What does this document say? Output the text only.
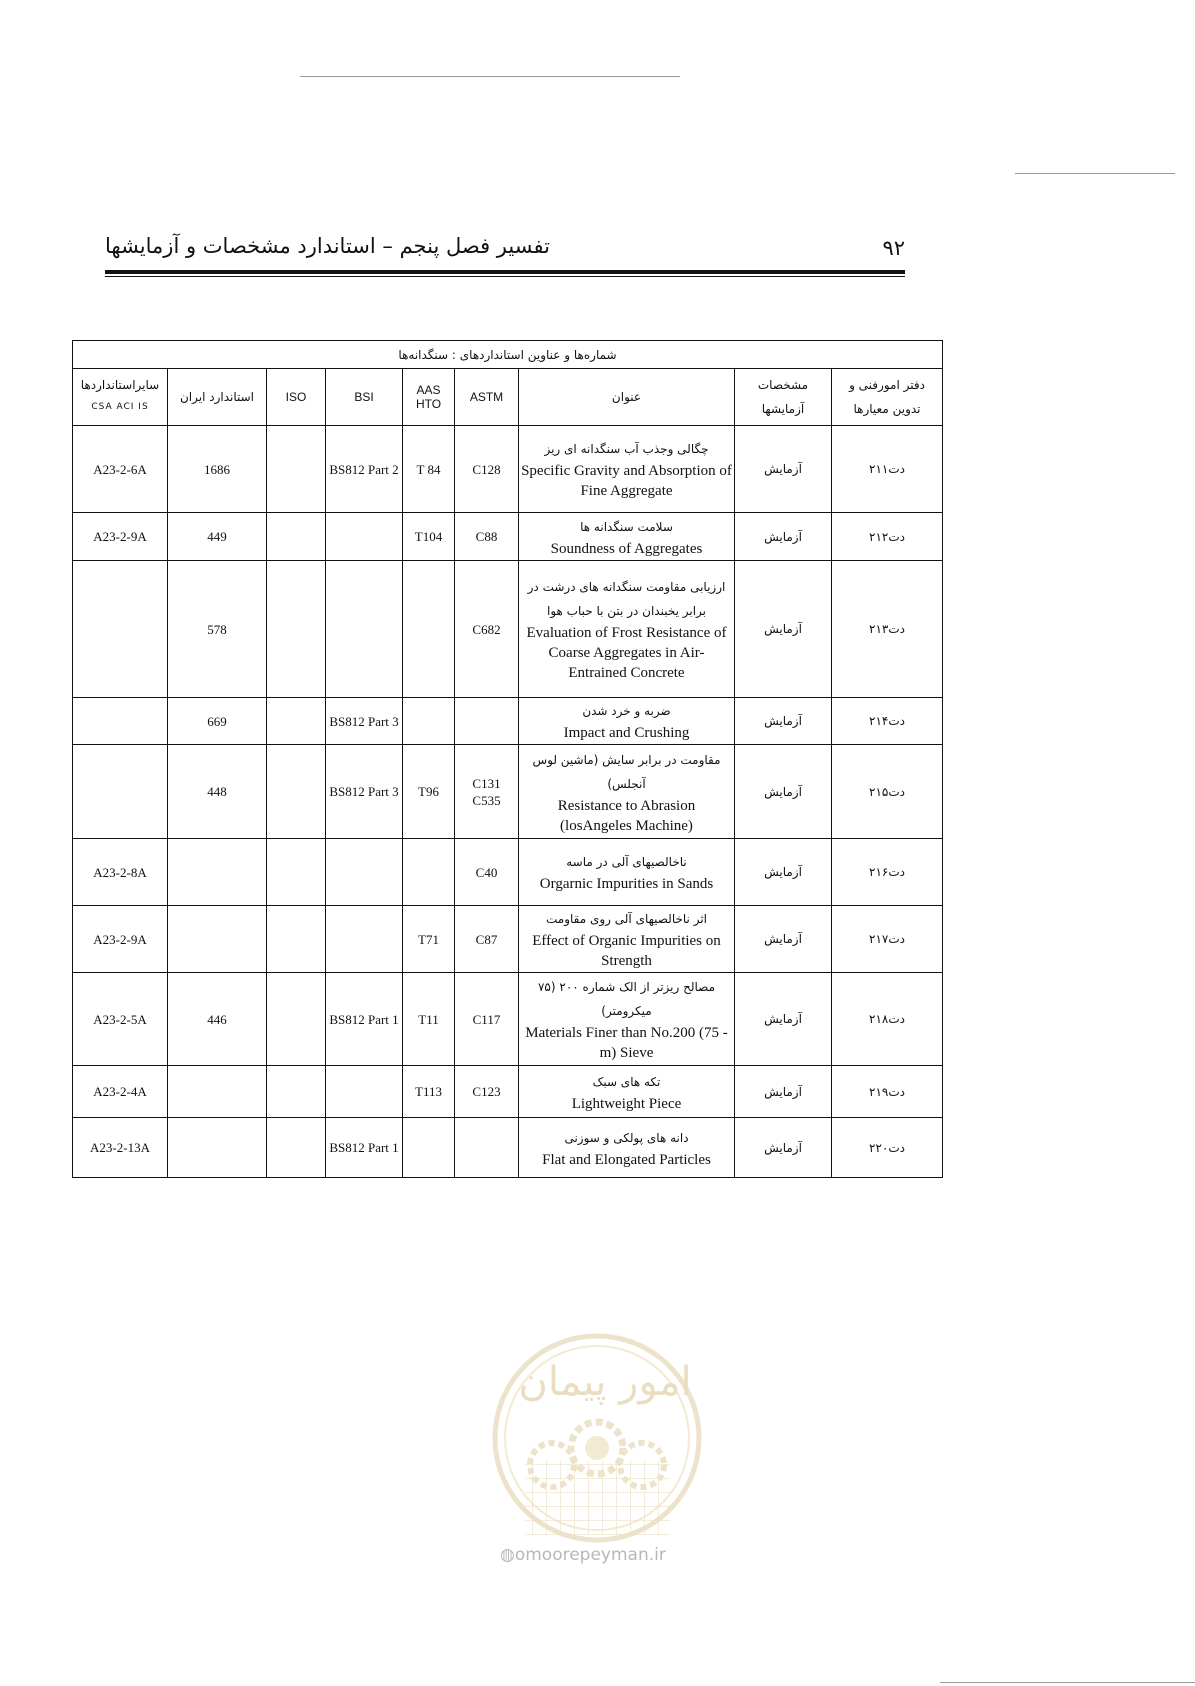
۹۲
تفسیر فصل پنجم – استاندارد مشخصات و آزمایشها
شماره‌ها و عناوین استانداردهای : سنگدانه‌ها								

سایراستانداردها
CSA ACI IS	استاندارد ایران	ISO	BSI	AAS HTO	ASTM	عنوان	مشخصات آزمایشها	دفتر امورفنی و تدوین معیارها
A23-2-6A	1686		BS812 Part 2	T 84	C128	چگالی وجذب آب سنگدانه ای ریز
Specific Gravity and Absorption of Fine Aggregate	آزمایش	دت۲۱۱
A23-2-9A	449			T104	C88	سلامت سنگدانه ها
Soundness of Aggregates	آزمایش	دت۲۱۲
	578				C682	ارزیابی مقاومت سنگدانه های درشت در برابر یخبندان در بتن با حباب هوا
Evaluation of Frost Resistance of Coarse Aggregates in Air-Entrained Concrete	آزمایش	دت۲۱۳
	669		BS812 Part 3			ضربه و خرد شدن
Impact and Crushing	آزمایش	دت۲۱۴
	448		BS812 Part 3	T96	C131 C535	مقاومت در برابر سایش (ماشین لوس آنجلس)
Resistance to Abrasion (losAngeles Machine)	آزمایش	دت۲۱۵
A23-2-8A					C40	ناخالصیهای آلی در ماسه
Orgarnic Impurities in Sands	آزمایش	دت۲۱۶
A23-2-9A				T71	C87	اثر ناخالصیهای آلی روی مقاومت
Effect of Organic Impurities on Strength	آزمایش	دت۲۱۷
A23-2-5A	446		BS812 Part 1	T11	C117	مصالح ریزتر از الک شماره ۲۰۰ (۷۵ میکرومتر)
Materials Finer than No.200 (75 - m) Sieve	آزمایش	دت۲۱۸
A23-2-4A				T113	C123	تکه های سبک
Lightweight Piece	آزمایش	دت۲۱۹
A23-2-13A			BS812 Part 1			دانه های پولکی و سوزنی
Flat and Elongated Particles	آزمایش	دت۲۲۰
امور پیمان
◍omoorepeyman.ir
